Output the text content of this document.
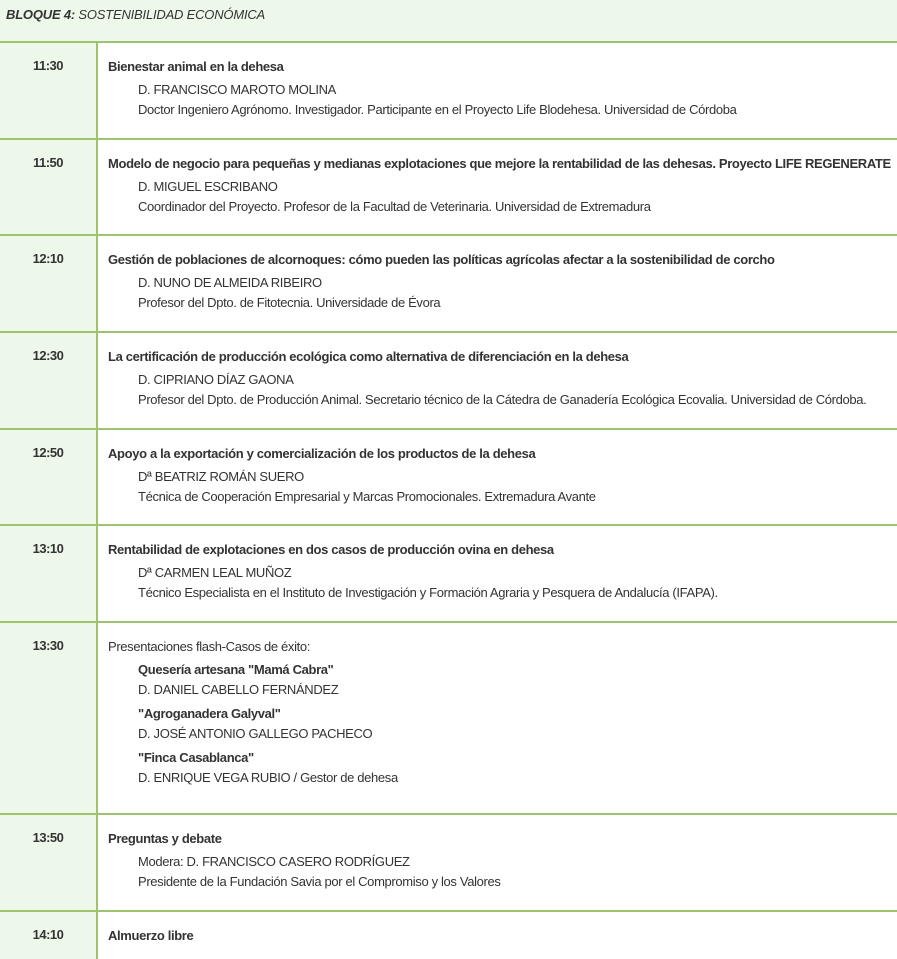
BLOQUE 4: SOSTENIBILIDAD ECONÓMICA
11:30	Bienestar animal en la dehesa
D. FRANCISCO MAROTO MOLINA
Doctor Ingeniero Agrónomo. Investigador. Participante en el Proyecto Life Blodehesa. Universidad de Córdoba
11:50	Modelo de negocio para pequeñas y medianas explotaciones que mejore la rentabilidad de las dehesas. Proyecto LIFE REGENERATE
D. MIGUEL ESCRIBANO
Coordinador del Proyecto. Profesor de la Facultad de Veterinaria. Universidad de Extremadura
12:10	Gestión de poblaciones de alcornoques: cómo pueden las políticas agrícolas afectar a la sostenibilidad de corcho
D. NUNO DE ALMEIDA RIBEIRO
Profesor del Dpto. de Fitotecnia. Universidade de Évora
12:30	La certificación de producción ecológica como alternativa de diferenciación en la dehesa
D. CIPRIANO DÍAZ GAONA
Profesor del Dpto. de Producción Animal. Secretario técnico de la Cátedra de Ganadería Ecológica Ecovalia. Universidad de Córdoba.
12:50	Apoyo a la exportación y comercialización de los productos de la dehesa
Dª BEATRIZ ROMÁN SUERO
Técnica de Cooperación Empresarial y Marcas Promocionales. Extremadura Avante
13:10	Rentabilidad de explotaciones en dos casos de producción ovina en dehesa
Dª CARMEN LEAL MUÑOZ
Técnico Especialista en el Instituto de Investigación y Formación Agraria y Pesquera de Andalucía (IFAPA).
13:30	Presentaciones flash-Casos de éxito:
Quesería artesana "Mamá Cabra"
D. DANIEL CABELLO FERNÁNDEZ
"Agroganadera Galyval"
D. JOSÉ ANTONIO GALLEGO PACHECO
"Finca Casablanca"
D. ENRIQUE VEGA RUBIO / Gestor de dehesa
13:50	Preguntas y debate
Modera: D. FRANCISCO CASERO RODRÍGUEZ
Presidente de la Fundación Savia por el Compromiso y los Valores
14:10	Almuerzo libre
